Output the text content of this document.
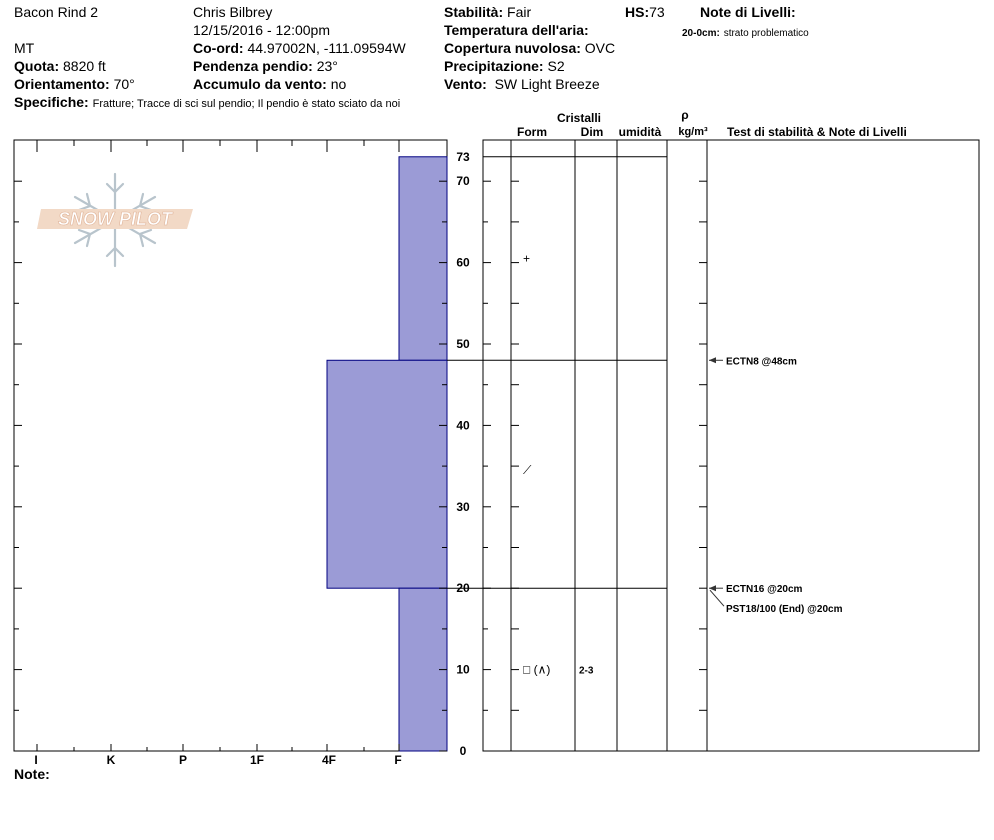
Bacon Rind 2
MT
Quota: 8820 ft
Orientamento: 70°
Specifiche: Fratture; Tracce di sci sul pendio; Il pendio è stato sciato da noi
Chris Bilbrey
12/15/2016 - 12:00pm
Co-ord: 44.97002N, -111.09594W
Pendenza pendio: 23°
Accumulo da vento: no
Stabilità: Fair
Temperatura dell'aria:
Copertura nuvolosa: OVC
Precipitazione: S2
Vento: SW Light Breeze
HS:73	Note di Livelli:
20-0cm: strato problematico
Note:
SNOW PILOT
I	K	P	1F	4F	F
0
10
20
30
40
50
60
70
73
+
⟋
□ (∧)	2-3
ECTN8 @48cm
ECTN16 @20cm
PST18/100 (End) @20cm
Cristalli
Form	Dim umidità
ρ
kg/m³ Test di stabilità & Note di Livelli
